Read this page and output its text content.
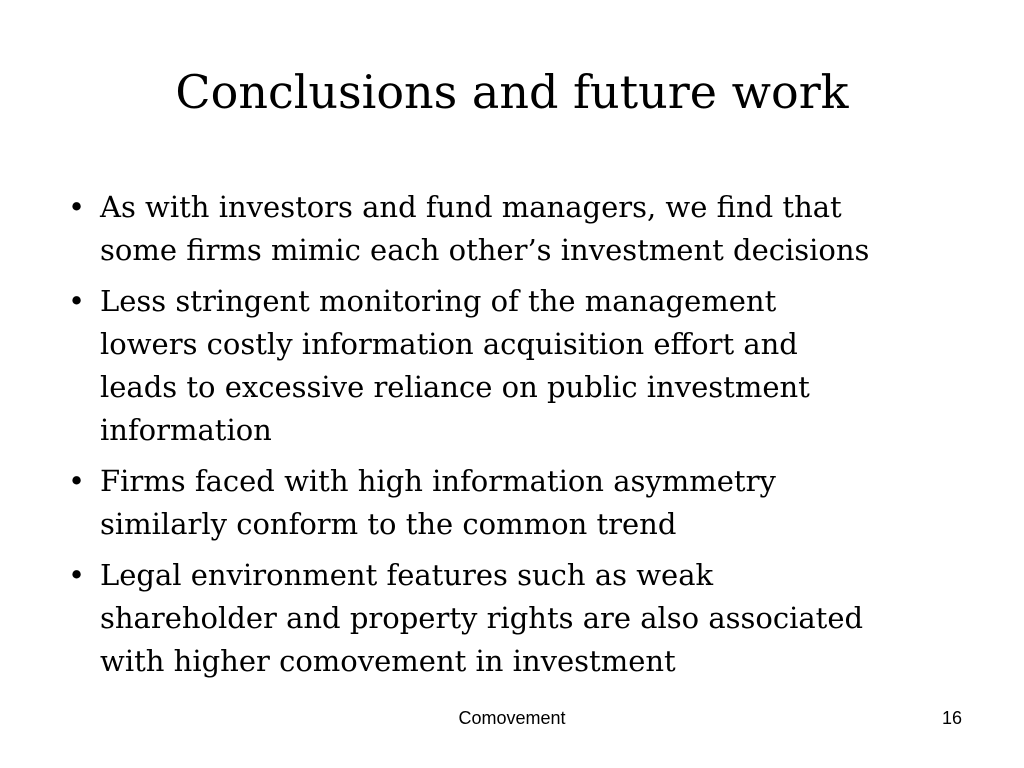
Conclusions and future work
• As with investors and fund managers, we find that
some firms mimic each other’s investment decisions
• Less stringent monitoring of the management
lowers costly information acquisition effort and
leads to excessive reliance on public investment
information
• Firms faced with high information asymmetry
similarly conform to the common trend
• Legal environment features such as weak
shareholder and property rights are also associated
with higher comovement in investment
Comovement	16
